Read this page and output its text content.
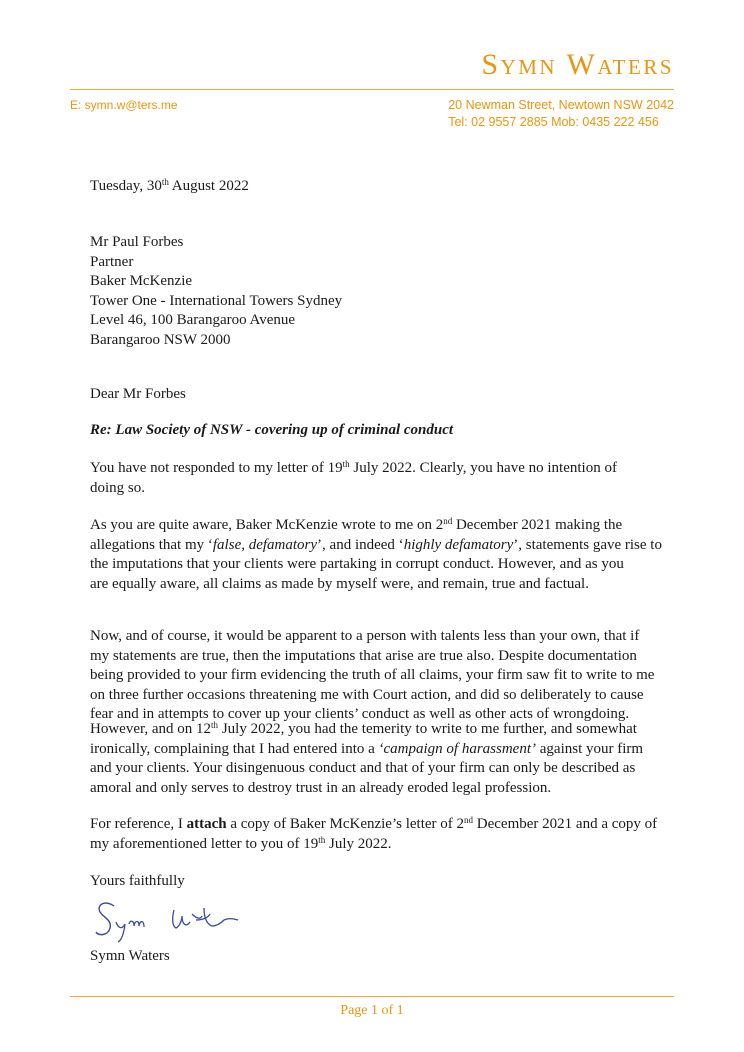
Symn Waters
E: symn.w@ters.me	20 Newman Street, Newtown NSW 2042
Tel: 02 9557 2885 Mob: 0435 222 456
Tuesday, 30th August 2022
Mr Paul Forbes
Partner
Baker McKenzie
Tower One - International Towers Sydney
Level 46, 100 Barangaroo Avenue
Barangaroo NSW 2000
Dear Mr Forbes
Re: Law Society of NSW - covering up of criminal conduct
You have not responded to my letter of 19th July 2022. Clearly, you have no intention of
doing so.
As you are quite aware, Baker McKenzie wrote to me on 2nd December 2021 making the
allegations that my ‘false, defamatory’, and indeed ‘highly defamatory’, statements gave rise to
the imputations that your clients were partaking in corrupt conduct. However, and as you
are equally aware, all claims as made by myself were, and remain, true and factual.
Now, and of course, it would be apparent to a person with talents less than your own, that if
my statements are true, then the imputations that arise are true also. Despite documentation
being provided to your firm evidencing the truth of all claims, your firm saw fit to write to me
on three further occasions threatening me with Court action, and did so deliberately to cause
fear and in attempts to cover up your clients’ conduct as well as other acts of wrongdoing.
However, and on 12th July 2022, you had the temerity to write to me further, and somewhat
ironically, complaining that I had entered into a ‘campaign of harassment’ against your firm
and your clients. Your disingenuous conduct and that of your firm can only be described as
amoral and only serves to destroy trust in an already eroded legal profession.
For reference, I attach a copy of Baker McKenzie’s letter of 2nd December 2021 and a copy of
my aforementioned letter to you of 19th July 2022.
Yours faithfully
Symn Waters
Page 1 of 1
